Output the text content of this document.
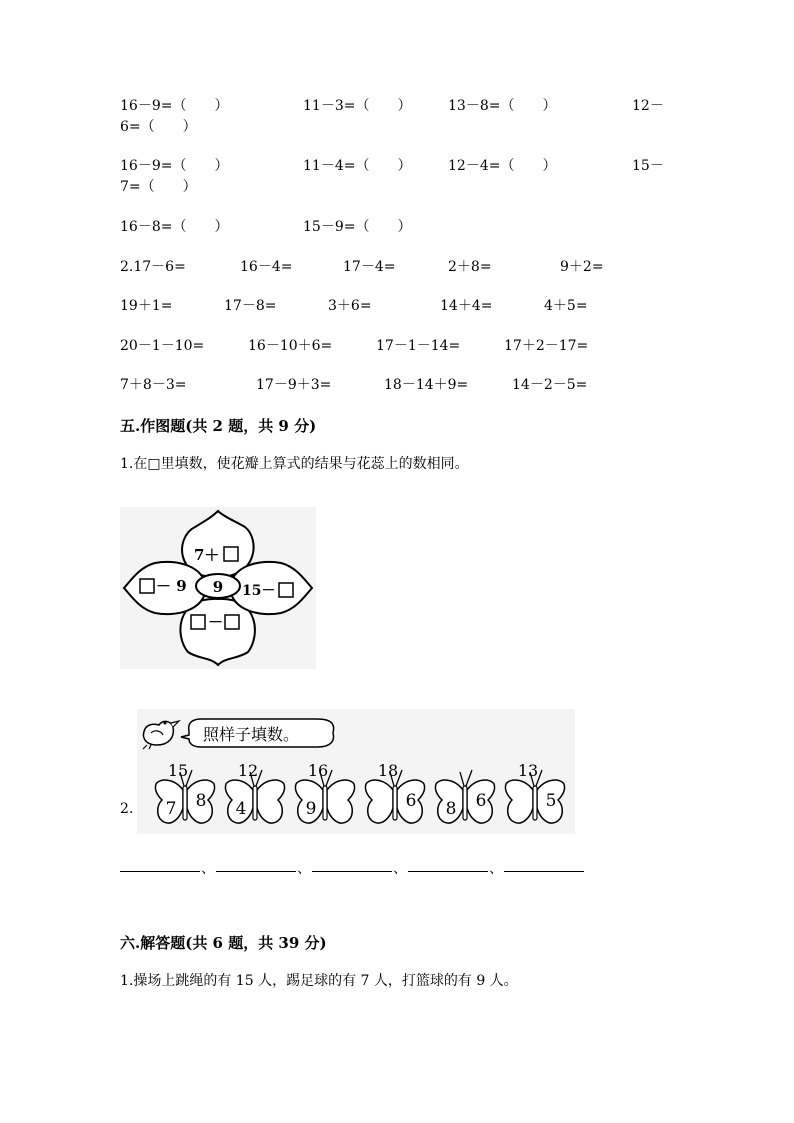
16－9=（　　）	11－3=（　　）	13－8=（　　）	12－
6=（　　）
16－9=（　　）	11－4=（　　）	12－4=（　　）	15－
7=（　　）
16－8=（　　）	15－9=（　　）
2.17－6=	16－4=	17－4=	2＋8=	9＋2=
19＋1=	17－8=	3＋6=	14＋4=	4＋5=
20－1－10=	16－10＋6=	17－1－14=	17＋2－17=
7＋8－3=	17－9＋3=	18－14＋9=	14－2－5=
五.作图题(共 2 题，共 9 分)
1.在□里填数，使花瓣上算式的结果与花蕊上的数相同。
9
7＋
－ 9	15－
－
照样子填数。
2.
15
7 8
12
4
16
9
18
6 8 6
13
5
、	、	、	、
六.解答题(共 6 题，共 39 分)
1.操场上跳绳的有 15 人，踢足球的有 7 人，打篮球的有 9 人。
